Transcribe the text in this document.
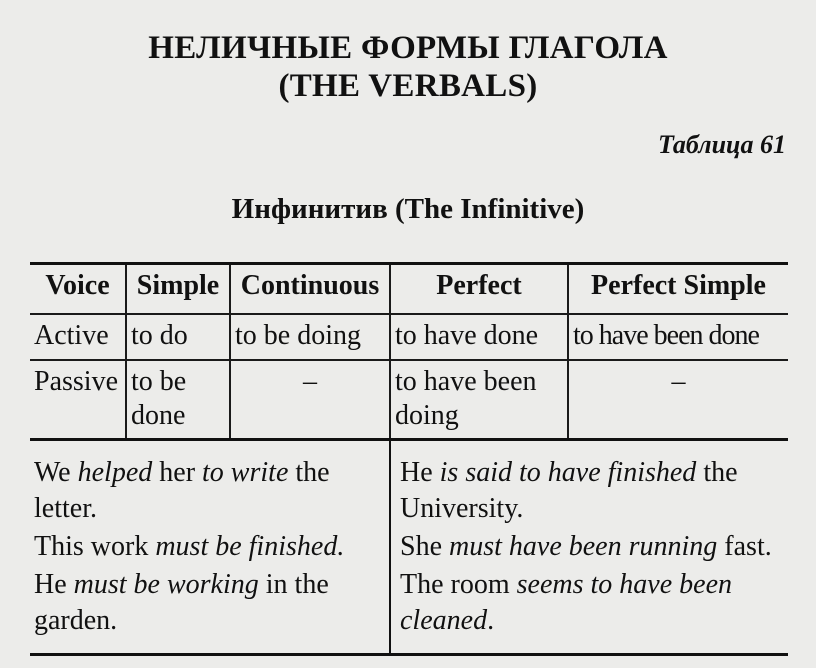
НЕЛИЧНЫЕ ФОРМЫ ГЛАГОЛА
(THE VERBALS)
Таблица 61
Инфинитив (The Infinitive)
Voice	Simple	Continuous	Perfect	Perfect Simple
Active	to do	to be doing	to have done	to have been done
Passive	to be done	–	to have been doing	–

We helped her to write the letter.

This work must be finished.

He must be working in the garden.

He is said to have finished the University.

She must have been running fast.

The room seems to have been cleaned.
